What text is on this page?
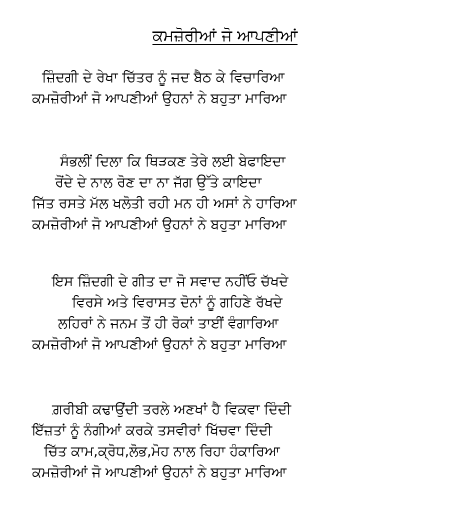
ਕਮਜ਼ੋਰੀਆਂ ਜੋ ਆਪਣੀਆਂ
ਜ਼ਿੰਦਗੀ ਦੇ ਰੇਖਾ ਚਿੱਤਰ ਨੂੰ ਜਦ ਬੈਠ ਕੇ ਵਿਚਾਰਿਆ
ਕਮਜ਼ੋਰੀਆਂ ਜੋ ਆਪਣੀਆਂ ਉਹਨਾਂ ਨੇ ਬਹੁਤਾ ਮਾਰਿਆ
ਸੰਭਲੀਂ ਦਿਲਾ ਕਿ ਥਿੜਕਣ ਤੇਰੇ ਲਈ ਬੇਫਾਇਦਾ
ਰੋਂਦੇ ਦੇ ਨਾਲ ਰੋਣ ਦਾ ਨਾ ਜੱਗ ਉੱਤੇ ਕਾਇਦਾ
ਜਿੱਤ ਰਸਤੇ ਮੱਲ ਖਲੋਤੀ ਰਹੀ ਮਨ ਹੀ ਅਸਾਂ ਨੇ ਹਾਰਿਆ
ਕਮਜ਼ੋਰੀਆਂ ਜੋ ਆਪਣੀਆਂ ਉਹਨਾਂ ਨੇ ਬਹੁਤਾ ਮਾਰਿਆ
ਇਸ ਜ਼ਿੰਦਗੀ ਦੇ ਗੀਤ ਦਾ ਜੋ ਸਵਾਦ ਨਹੀਂਓ ਚੱਖਦੇ
ਵਿਰਸੇ ਅਤੇ ਵਿਰਾਸਤ ਦੋਨਾਂ ਨੂੰ ਗਹਿਣੇ ਰੱਖਦੇ
ਲਹਿਰਾਂ ਨੇ ਜਨਮ ਤੋਂ ਹੀ ਰੋਕਾਂ ਤਾਈਂ ਵੰਗਾਰਿਆ
ਕਮਜ਼ੋਰੀਆਂ ਜੋ ਆਪਣੀਆਂ ਉਹਨਾਂ ਨੇ ਬਹੁਤਾ ਮਾਰਿਆ
ਗ਼ਰੀਬੀ ਕਢਾਉਂਦੀ ਤਰਲੇ ਅਣਖਾਂ ਹੈ ਵਿਕਵਾ ਦਿੰਦੀ
ਇੱਜ਼ਤਾਂ ਨੂੰ ਨੰਗੀਆਂ ਕਰਕੇ ਤਸਵੀਰਾਂ ਖਿੱਚਵਾ ਦਿੰਦੀ
ਚਿੱਤ ਕਾਮ,ਕ੍ਰੋਧ,ਲੋਭ,ਮੋਹ ਨਾਲ ਰਿਹਾ ਹੰਕਾਰਿਆ
ਕਮਜ਼ੋਰੀਆਂ ਜੋ ਆਪਣੀਆਂ ਉਹਨਾਂ ਨੇ ਬਹੁਤਾ ਮਾਰਿਆ
